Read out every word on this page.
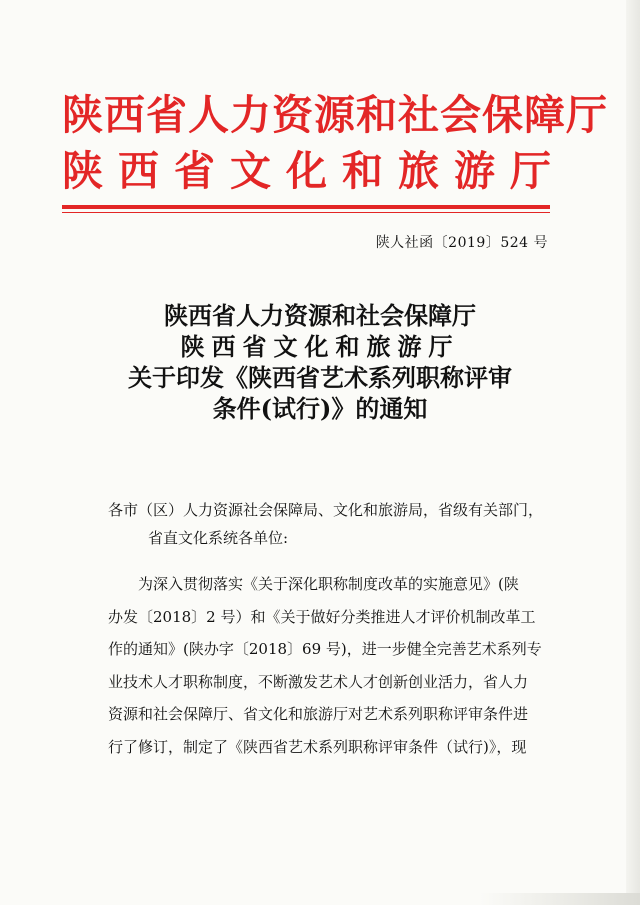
陕西省人力资源和社会保障厅
陕西省文化和旅游厅
陕人社函〔2019〕524 号
陕西省人力资源和社会保障厅
陕西省文化和旅游厅
关于印发《陕西省艺术系列职称评审
条件(试行)》的通知

各市（区）人力资源社会保障局、文化和旅游局，省级有关部门，省直文化系统各单位:

为深入贯彻落实《关于深化职称制度改革的实施意见》(陕
办发〔2018〕2 号）和《关于做好分类推进人才评价机制改革工
作的通知》(陕办字〔2018〕69 号)，进一步健全完善艺术系列专
业技术人才职称制度，不断激发艺术人才创新创业活力，省人力
资源和社会保障厅、省文化和旅游厅对艺术系列职称评审条件进
行了修订，制定了《陕西省艺术系列职称评审条件（试行)》，现
